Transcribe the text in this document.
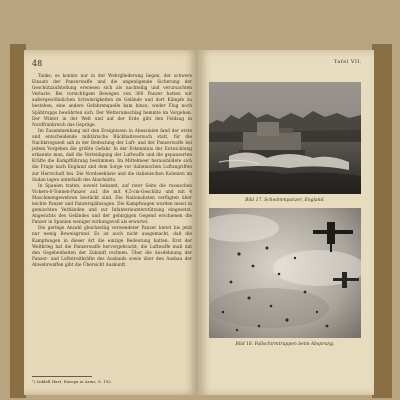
48

Tanks; es konnte nur in der Wehrgliederung liegen, der schwere Einsatz der Panzerwaffe und die ungenügende Sicherung der Geschützaufstellung erwiesen sich als nachteilig und verursachten Verluste. Bei vorsichtigem Bewegen von 300 Panzer hatten wir außergewöhnlichen Schwierigkeiten im Gelände und dort Kämpfe zu bestehen, eine andere Gefahrenquelle kam hinzu; weder Flug noch Spähtrupps bewährten sich. Der Wetterumschlag hemmte im Vorgehen. Der Winter in der Welt und auf der Erde gibt den Feldzug in Nordfrankreich das Gepräge.

Im Zusammenhang mit den Ereignissen in Abessinien fand der erste und entscheidende militärische Rückhaltsversuch statt, für die Nachkriegszeit sah in der Bedeutung der Luft- und der Panzerwaffe bei jedem Vorgehen die größte Gefahr. In der Erkenntnis der Entwicklung erkannte man, daß die Verteidigung der Luftwaffe und die gepanzerten Kräfte die Kampfführung bestimmen. Im Mittelmeer herausbildete sich die Frage nach England und dem Sorge vor italienischen Luftangriffen zur Herrschaft bei. Die Nordseeküste und die italienischen Kolonien im Sudan lagen unterhalb des Abschnitts.

In Spanien traten, soweit bekannt, auf roter Seite die russischen Vickers-6-Tonnen-Panzer auf, die mit 4,5-cm-Geschütz und mit 4 Maschinengewehren bestückt sind. Die Nationalisten verfügten über leichte Panzer und Panzerspähwagen. Die Kampfwagen wurden meist in gemischten Verbänden und zur Infanterieunterstützung eingesetzt. Angesichts des Geländes und der gebirgigen Gegend erschienen die Panzer in Spanien weniger wirkungsvoll als erwartet.

Die geringe Anzahl gleichzeitig verwendeter Panzer bietet bis jetzt nur wenig Beweisgrund. Es ist auch nicht ausgemacht, daß die Kampfwagen in dieser Art die einzige Bedeutung hatten. Erst der Weltkrieg hat die Panzerwaffe hervorgebracht; die Luftwaffe muß mit den Gegebenheiten der Zukunft rechnen. Über die Ausdehnung der Panzer- und Luftstreitkräfte des Auslands sowie über den Ausbau der Abwehrwaffen gibt die Übersicht Auskunft.

¹) Liddell Hart, Europa in Arms, S. 192.
Tafel VII.
Bild 17. Schwimmpanzer, England.
Bild 18. Fallschirmtruppen beim Absprung.
